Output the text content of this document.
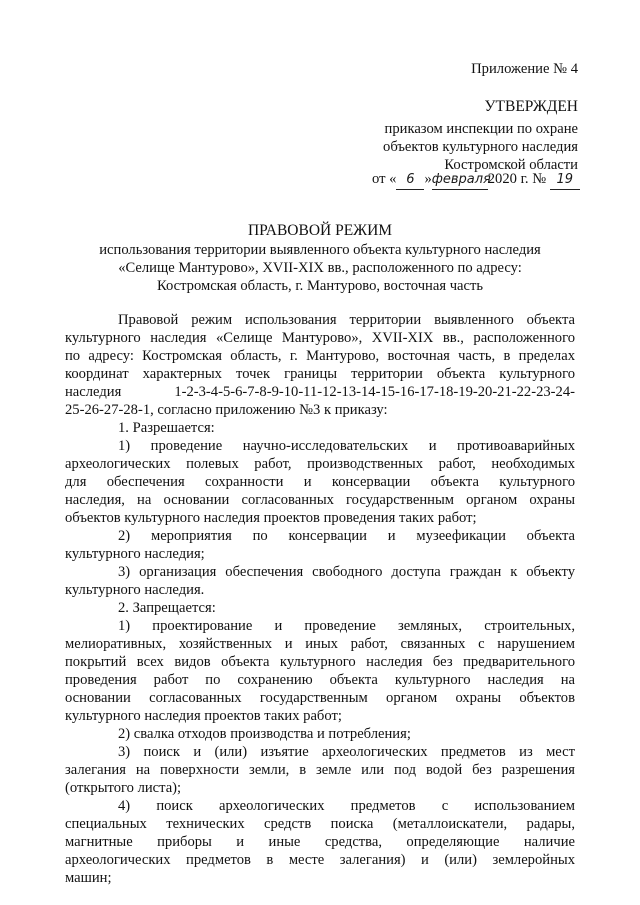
Приложение № 4
УТВЕРЖДЕН
приказом инспекции по охране
объектов культурного наследия
Костромской области
от « 6 »февраля2020 г. № 19
ПРАВОВОЙ РЕЖИМ
использования территории выявленного объекта культурного наследия
«Селище Мантурово», XVII-XIX вв., расположенного по адресу:
Костромская область, г. Мантурово, восточная часть
Правовой режим использования территории выявленного объекта
культурного наследия «Селище Мантурово», XVII-XIX вв., расположенного
по адресу: Костромская область, г. Мантурово, восточная часть, в пределах
координат характерных точек границы территории объекта культурного
наследия     1-2-3-4-5-6-7-8-9-10-11-12-13-14-15-16-17-18-19-20-21-22-23-24-
25-26-27-28-1, согласно приложению №3 к приказу:
1. Разрешается:
1) проведение научно-исследовательских и противоаварийных
археологических полевых работ, производственных работ, необходимых
для обеспечения сохранности и консервации объекта культурного
наследия, на основании согласованных государственным органом охраны
объектов культурного наследия проектов проведения таких работ;
2) мероприятия по консервации и музеефикации объекта
культурного наследия;
3) организация обеспечения свободного доступа граждан к объекту
культурного наследия.
2. Запрещается:
1) проектирование и проведение земляных, строительных,
мелиоративных, хозяйственных и иных работ, связанных с нарушением
покрытий всех видов объекта культурного наследия без предварительного
проведения работ по сохранению объекта культурного наследия на
основании согласованных государственным органом охраны объектов
культурного наследия проектов таких работ;
2) свалка отходов производства и потребления;
3) поиск и (или) изъятие археологических предметов из мест
залегания на поверхности земли, в земле или под водой без разрешения
(открытого листа);
4) поиск археологических предметов с использованием
специальных технических средств поиска (металлоискатели, радары,
магнитные приборы и иные средства, определяющие наличие
археологических предметов в месте залегания) и (или) землеройных
машин;
